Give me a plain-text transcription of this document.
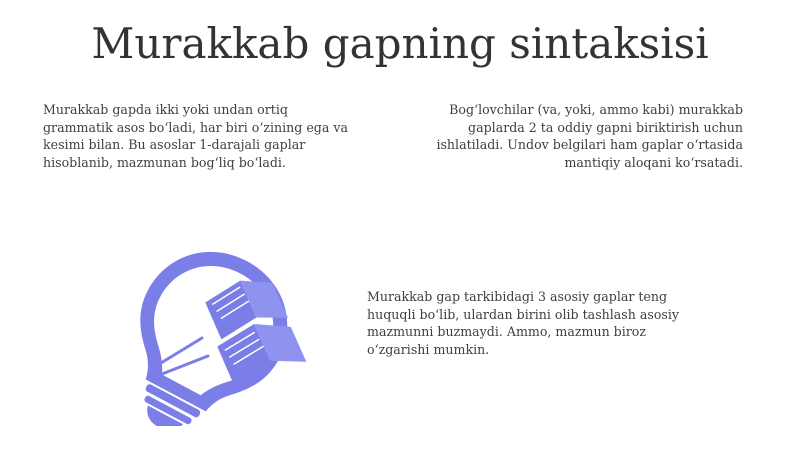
Murakkab gapning sintaksisi

Murakkab gapda ikki yoki undan ortiq grammatik asos bo‘ladi, har biri o‘zining ega va kesimi bilan. Bu asoslar 1-darajali gaplar hisoblanib, mazmunan bog‘liq bo‘ladi.

Bog‘lovchilar (va, yoki, ammo kabi) murakkab gaplarda 2 ta oddiy gapni biriktirish uchun ishlatiladi. Undov belgilari ham gaplar o‘rtasida mantiqiy aloqani ko‘rsatadi.

Murakkab gap tarkibidagi 3 asosiy gaplar teng huquqli bo‘lib, ulardan birini olib tashlash asosiy mazmunni buzmaydi. Ammo, mazmun biroz o‘zgarishi mumkin.
